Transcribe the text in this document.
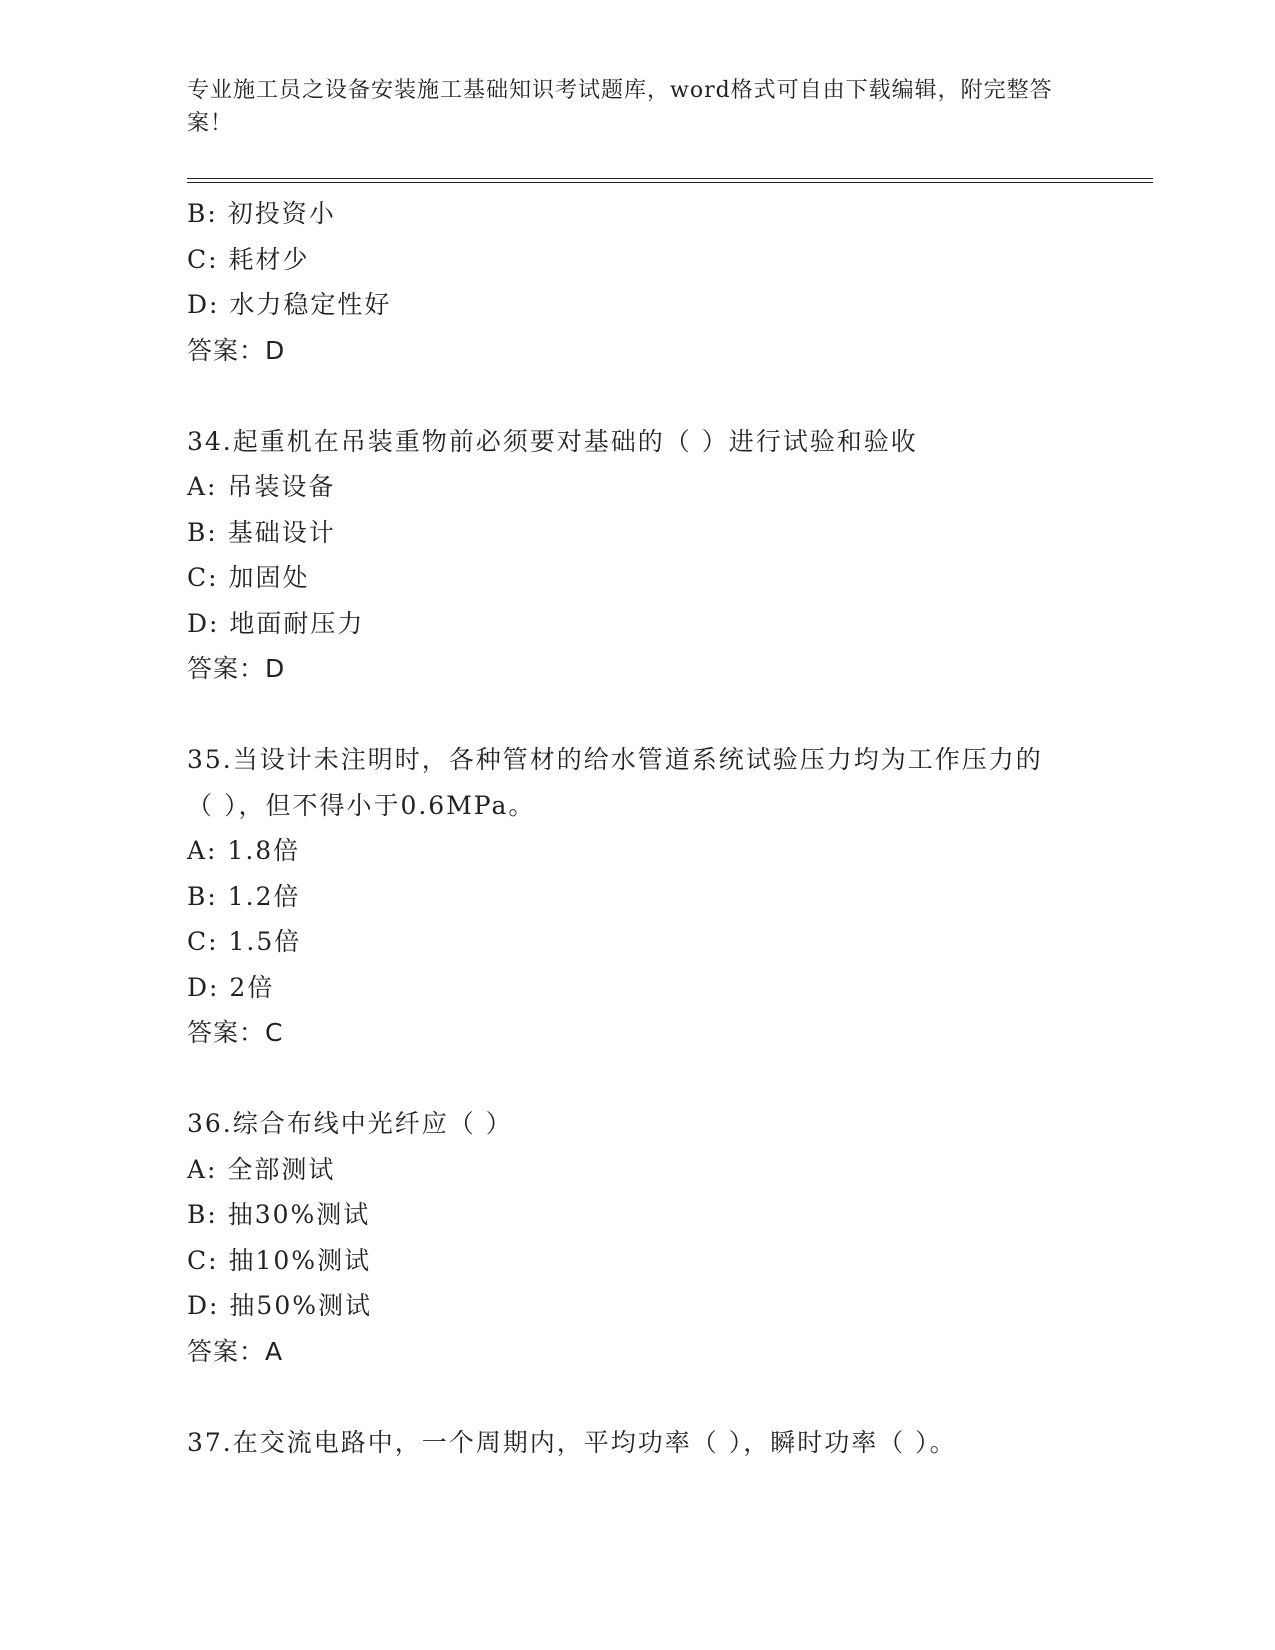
专业施工员之设备安装施工基础知识考试题库，word格式可自由下载编辑，附完整答案！
B: 初投资小
C: 耗材少
D: 水力稳定性好
答案：D
34.起重机在吊装重物前必须要对基础的（ ）进行试验和验收
A: 吊装设备
B: 基础设计
C: 加固处
D: 地面耐压力
答案：D
35.当设计未注明时，各种管材的给水管道系统试验压力均为工作压力的（ ），但不得小于0.6MPa。
A: 1.8倍
B: 1.2倍
C: 1.5倍
D: 2倍
答案：C
36.综合布线中光纤应（ ）
A: 全部测试
B: 抽30%测试
C: 抽10%测试
D: 抽50%测试
答案：A
37.在交流电路中，一个周期内，平均功率（ ），瞬时功率（ ）。
